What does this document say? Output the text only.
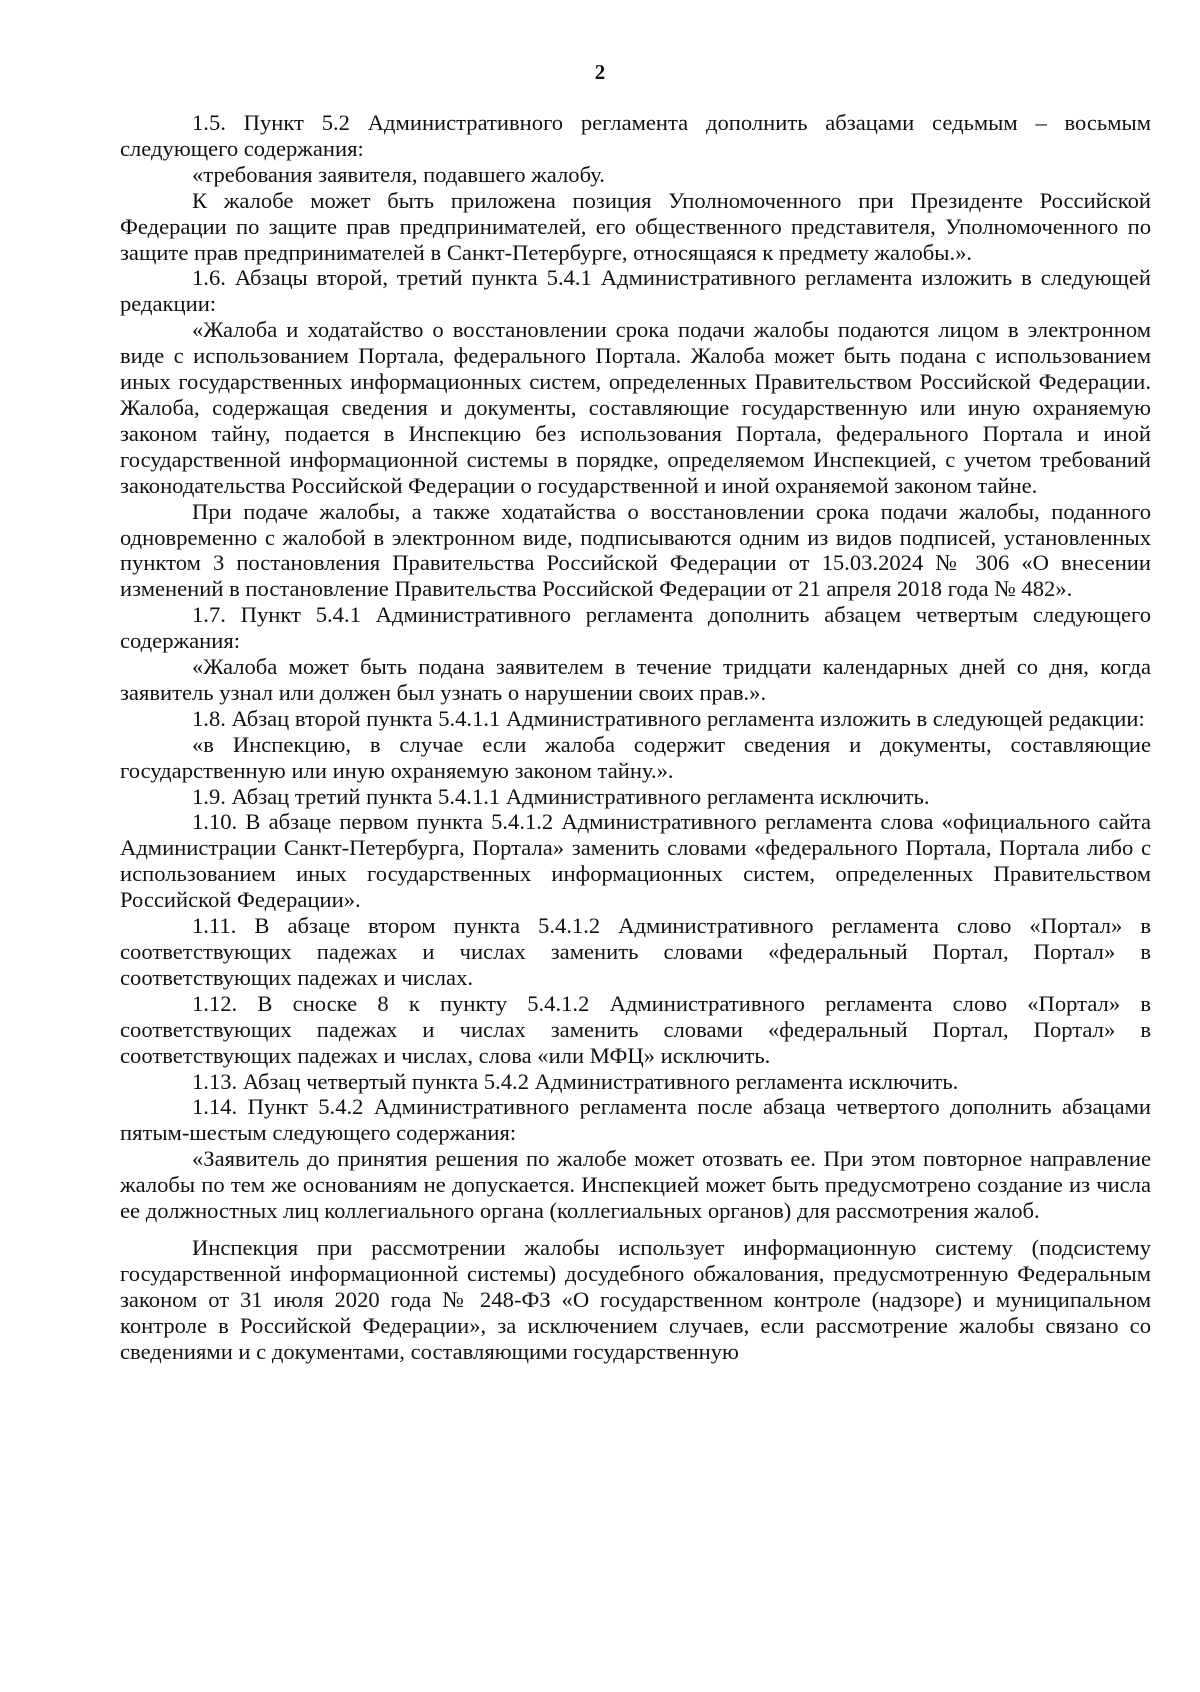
2

1.5. Пункт 5.2 Административного регламента дополнить абзацами седьмым – восьмым следующего содержания:

«требования заявителя, подавшего жалобу.

К жалобе может быть приложена позиция Уполномоченного при Президенте Российской Федерации по защите прав предпринимателей, его общественного представителя, Уполномоченного по защите прав предпринимателей в Санкт-Петербурге, относящаяся к предмету жалобы.».

1.6. Абзацы второй, третий пункта 5.4.1 Административного регламента изложить в следующей редакции:

«Жалоба и ходатайство о восстановлении срока подачи жалобы подаются лицом в электронном виде с использованием Портала, федерального Портала. Жалоба может быть подана с использованием иных государственных информационных систем, определенных Правительством Российской Федерации. Жалоба, содержащая сведения и документы, составляющие государственную или иную охраняемую законом тайну, подается в Инспекцию без использования Портала, федерального Портала и иной государственной информационной системы в порядке, определяемом Инспекцией, с учетом требований законодательства Российской Федерации о государственной и иной охраняемой законом тайне.

При подаче жалобы, а также ходатайства о восстановлении срока подачи жалобы, поданного одновременно с жалобой в электронном виде, подписываются одним из видов подписей, установленных пунктом 3 постановления Правительства Российской Федерации от 15.03.2024 № 306 «О внесении изменений в постановление Правительства Российской Федерации от 21 апреля 2018 года № 482».

1.7. Пункт 5.4.1 Административного регламента дополнить абзацем четвертым следующего содержания:

«Жалоба может быть подана заявителем в течение тридцати календарных дней со дня, когда заявитель узнал или должен был узнать о нарушении своих прав.».

1.8. Абзац второй пункта 5.4.1.1 Административного регламента изложить в следующей редакции:

«в Инспекцию, в случае если жалоба содержит сведения и документы, составляющие государственную или иную охраняемую законом тайну.».

1.9. Абзац третий пункта 5.4.1.1 Административного регламента исключить.

1.10. В абзаце первом пункта 5.4.1.2 Административного регламента слова «официального сайта Администрации Санкт-Петербурга, Портала» заменить словами «федерального Портала, Портала либо с использованием иных государственных информационных систем, определенных Правительством Российской Федерации».

1.11. В абзаце втором пункта 5.4.1.2 Административного регламента слово «Портал» в соответствующих падежах и числах заменить словами «федеральный Портал, Портал» в соответствующих падежах и числах.

1.12. В сноске 8 к пункту 5.4.1.2 Административного регламента слово «Портал» в соответствующих падежах и числах заменить словами «федеральный Портал, Портал» в соответствующих падежах и числах, слова «или МФЦ» исключить.

1.13. Абзац четвертый пункта 5.4.2 Административного регламента исключить.

1.14. Пункт 5.4.2 Административного регламента после абзаца четвертого дополнить абзацами пятым-шестым следующего содержания:

«Заявитель до принятия решения по жалобе может отозвать ее. При этом повторное направление жалобы по тем же основаниям не допускается. Инспекцией может быть предусмотрено создание из числа ее должностных лиц коллегиального органа (коллегиальных органов) для рассмотрения жалоб.

Инспекция при рассмотрении жалобы использует информационную систему (подсистему государственной информационной системы) досудебного обжалования, предусмотренную Федеральным законом от 31 июля 2020 года № 248-ФЗ «О государственном контроле (надзоре) и муниципальном контроле в Российской Федерации», за исключением случаев, если рассмотрение жалобы связано со сведениями и с документами, составляющими государственную
